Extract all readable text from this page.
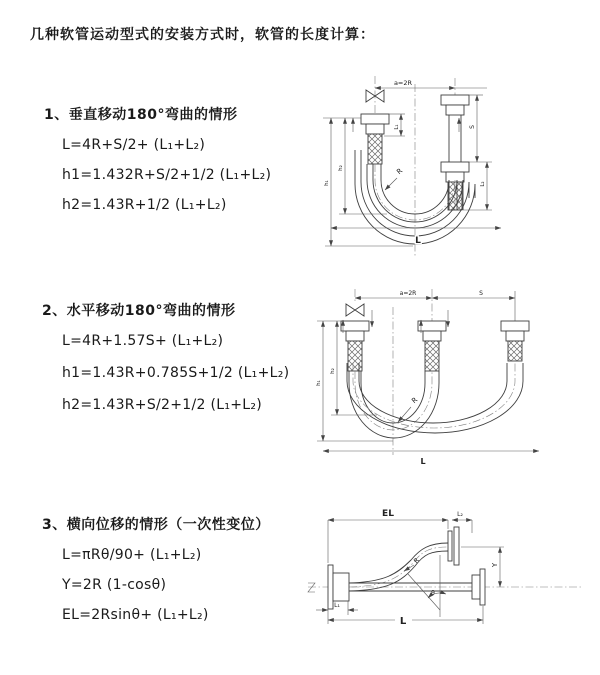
几种软管运动型式的安装方式时，软管的长度计算：
1、垂直移动180°弯曲的情形
L=4R+S/2+ (L₁+L₂)
h1=1.432R+S/2+1/2 (L₁+L₂)
h2=1.43R+1/2 (L₁+L₂)
a=2R
L₁	S
L₂
R
h₁
h₂
L
2、水平移动180°弯曲的情形
L=4R+1.57S+ (L₁+L₂)
h1=1.43R+0.785S+1/2 (L₁+L₂)
h2=1.43R+S/2+1/2 (L₁+L₂)
a=2R	S
R
h₁
h₂
L
3、横向位移的情形（一次性变位）
L=πRθ/90+ (L₁+L₂)
Y=2R (1-cosθ)
EL=2Rsinθ+ (L₁+L₂)
EL	L₂
Y
R
θ
L₁
L
